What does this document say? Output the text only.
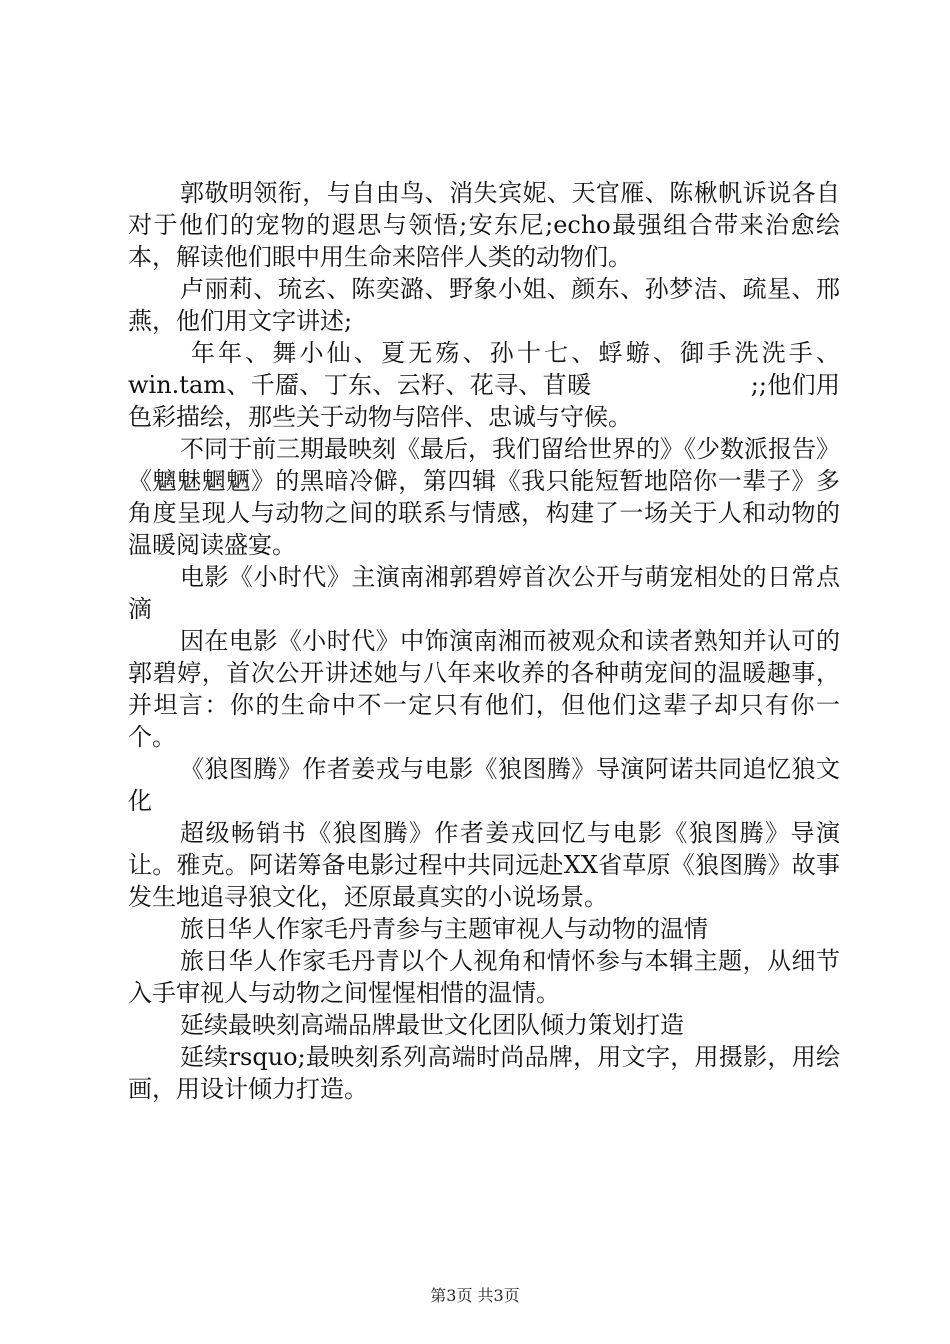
郭敬明领衔，与自由鸟、消失宾妮、天官雁、陈楸帆诉说各自对于他们的宠物的遐思与领悟;安东尼;echo最强组合带来治愈绘本，解读他们眼中用生命来陪伴人类的动物们。

卢丽莉、琉玄、陈奕潞、野象小姐、颜东、孙梦洁、疏星、邢燕，他们用文字讲述;

年年、舞小仙、夏无殇、孙十七、蜉蝣、御手洗洗手、win.tam、千靥、丁东、云籽、花寻、苜暖                    ;;他们用色彩描绘，那些关于动物与陪伴、忠诚与守候。

不同于前三期最映刻《最后，我们留给世界的》《少数派报告》《魑魅魍魉》的黑暗冷僻，第四辑《我只能短暂地陪你一辈子》多角度呈现人与动物之间的联系与情感，构建了一场关于人和动物的温暖阅读盛宴。

电影《小时代》主演南湘郭碧婷首次公开与萌宠相处的日常点滴

因在电影《小时代》中饰演南湘而被观众和读者熟知并认可的郭碧婷，首次公开讲述她与八年来收养的各种萌宠间的温暖趣事，并坦言：你的生命中不一定只有他们，但他们这辈子却只有你一个。

《狼图腾》作者姜戎与电影《狼图腾》导演阿诺共同追忆狼文化

超级畅销书《狼图腾》作者姜戎回忆与电影《狼图腾》导演让。雅克。阿诺筹备电影过程中共同远赴XX省草原《狼图腾》故事发生地追寻狼文化，还原最真实的小说场景。

旅日华人作家毛丹青参与主题审视人与动物的温情

旅日华人作家毛丹青以个人视角和情怀参与本辑主题，从细节入手审视人与动物之间惺惺相惜的温情。

延续最映刻高端品牌最世文化团队倾力策划打造

延续rsquo;最映刻系列高端时尚品牌，用文字，用摄影，用绘画，用设计倾力打造。

第3页 共3页
